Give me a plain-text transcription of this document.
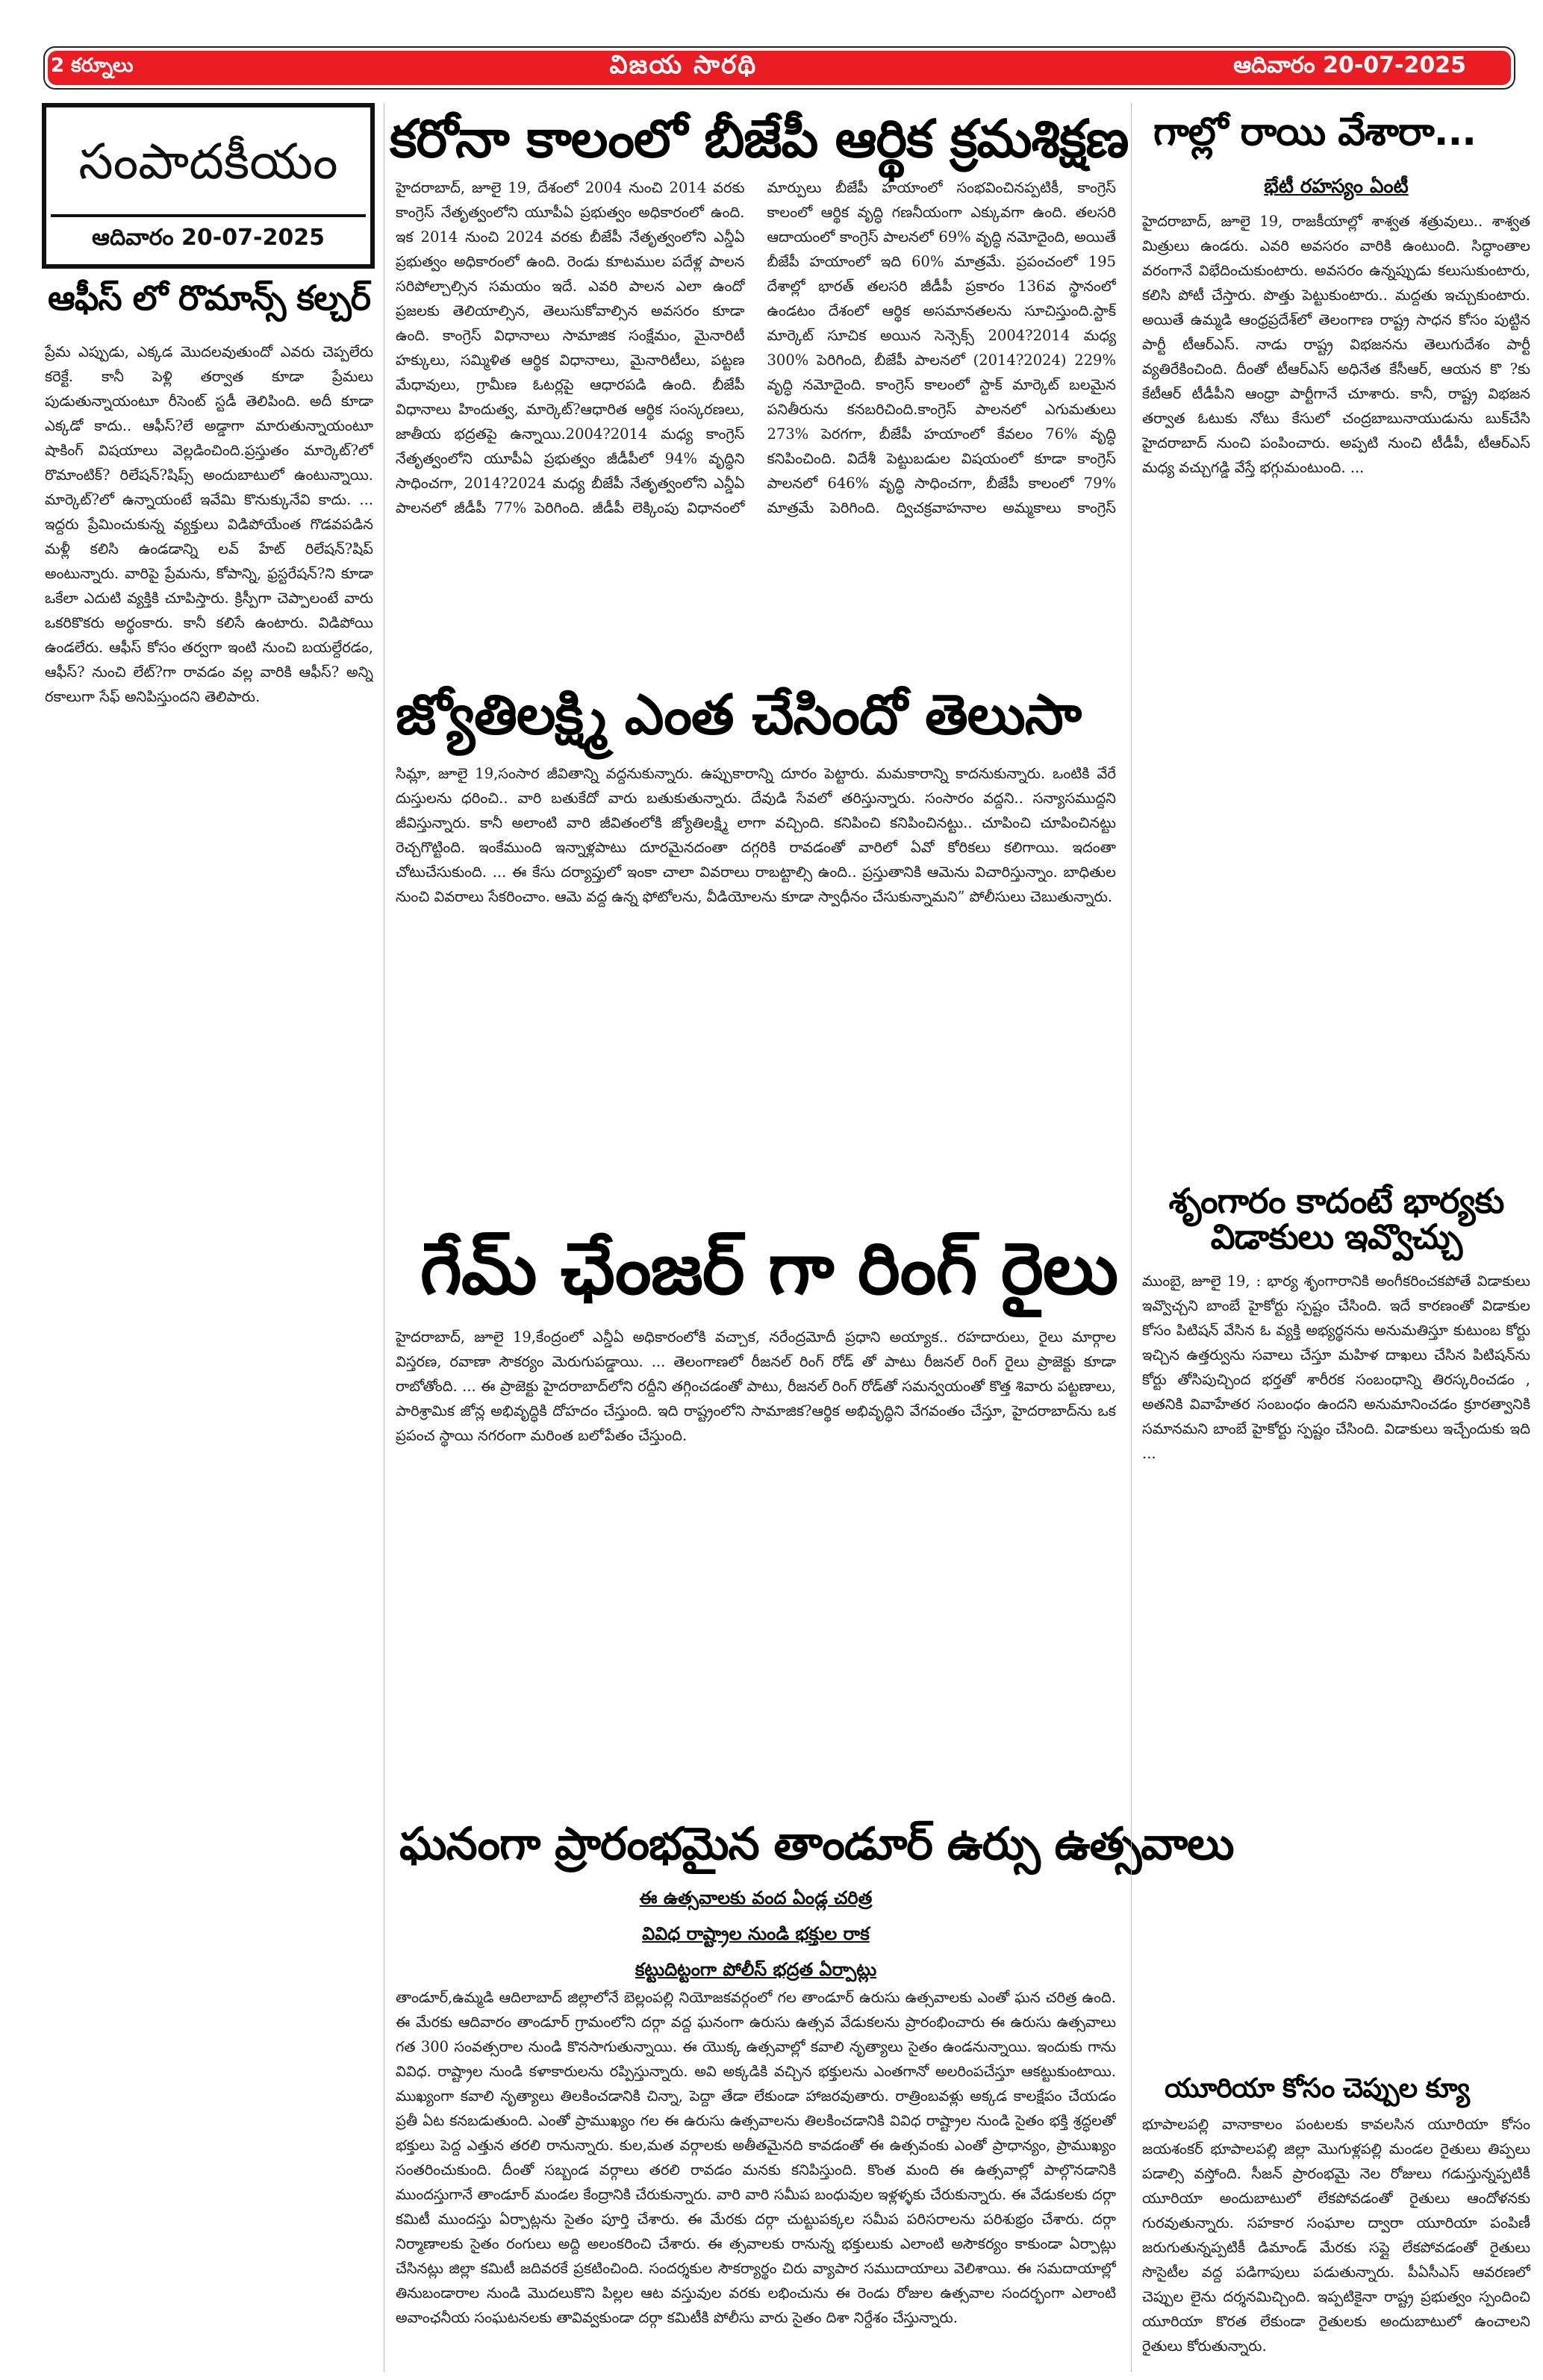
2 కర్నూలు	విజయ సారథి	ఆదివారం 20-07-2025
సంపాదకీయం
ఆదివారం 20-07-2025
ఆఫీస్ లో రొమాన్స్ కల్చర్
ప్రేమ ఎప్పుడు, ఎక్కడ మొదలవుతుందో ఎవరు చెప్పలేరు కరెక్టే. కానీ పెళ్లి తర్వాత కూడా ప్రేమలు పుడుతున్నాయంటూ రీసెంట్ స్టడీ తెలిపింది. అదీ కూడా ఎక్కడో కాదు.. ఆఫీస్?లే అడ్డాగా మారుతున్నాయంటూ షాకింగ్ విషయాలు వెల్లడించింది.ప్రస్తుతం మార్కెట్?లో రొమాంటిక్? రిలేషన్?షిప్స్ అందుబాటులో ఉంటున్నాయి. మార్కెట్?లో ఉన్నాయంటే ఇవేమి కొనుక్కునేవి కాదు. ... ఇద్దరు ప్రేమించుకున్న వ్యక్తులు విడిపోయేంత గొడవపడిన మళ్లీ కలిసి ఉండడాన్ని లవ్ హేట్ రిలేషన్?షిప్ అంటున్నారు. వారిపై ప్రేమను, కోపాన్ని, ఫ్రస్టరేషన్?ని కూడా ఒకేలా ఎదుటి వ్యక్తికి చూపిస్తారు. క్రిస్పీగా చెప్పాలంటే వారు ఒకరికొకరు అర్థంకారు. కానీ కలిసే ఉంటారు. విడిపోయి ఉండలేరు. ఆఫీస్ కోసం తర్వగా ఇంటి నుంచి బయల్దేరడం, ఆఫీస్? నుంచి లేట్?గా రావడం వల్ల వారికి ఆఫీస్? అన్ని రకాలుగా సేఫ్ అనిపిస్తుందని తెలిపారు.
కరోనా కాలంలో బీజేపీ ఆర్థిక క్రమశిక్షణ
హైదరాబాద్, జూలై 19, దేశంలో 2004 నుంచి 2014 వరకు కాంగ్రెస్ నేతృత్వంలోని యూపీఏ ప్రభుత్వం అధికారంలో ఉంది. ఇక 2014 నుంచి 2024 వరకు బీజేపీ నేతృత్వంలోని ఎన్డీఏ ప్రభుత్వం అధికారంలో ఉంది. రెండు కూటముల పదేళ్ల పాలన సరిపోల్చాల్సిన సమయం ఇదే. ఎవరి పాలన ఎలా ఉందో ప్రజలకు తెలియాల్సిన, తెలుసుకోవాల్సిన అవసరం కూడా ఉంది. కాంగ్రెస్ విధానాలు సామాజిక సంక్షేమం, మైనారిటీ హక్కులు, సమ్మిళిత ఆర్థిక విధానాలు, మైనారిటీలు, పట్టణ మేధావులు, గ్రామీణ ఓటర్లపై ఆధారపడి ఉంది. బీజేపీ విధానాలు హిందుత్వ, మార్కెట్?ఆధారిత ఆర్థిక సంస్కరణలు, జాతీయ భద్రతపై ఉన్నాయి.2004?2014 మధ్య కాంగ్రెస్ నేతృత్వంలోని యూపీఏ ప్రభుత్వం జీడీపీలో 94% వృద్ధిని సాధించగా, 2014?2024 మధ్య బీజేపీ నేతృత్వంలోని ఎన్డీఏ పాలనలో జీడీపీ 77% పెరిగింది. జీడీపీ లెక్కింపు విధానంలో మార్పులు బీజేపీ హయాంలో సంభవించినప్పటికీ, కాంగ్రెస్ కాలంలో ఆర్థిక వృద్ధి గణనీయంగా ఎక్కువగా ఉంది. తలసరి ఆదాయంలో కాంగ్రెస్ పాలనలో 69% వృద్ధి నమోదైంది, అయితే బీజేపీ హయాంలో ఇది 60% మాత్రమే. ప్రపంచంలో 195 దేశాల్లో భారత్ తలసరి జీడీపీ ప్రకారం 136వ స్థానంలో ఉండటం దేశంలో ఆర్థిక అసమానతలను సూచిస్తుంది.స్టాక్ మార్కెట్ సూచిక అయిన సెన్సెక్స్ 2004?2014 మధ్య 300% పెరిగింది, బీజేపీ పాలనలో (2014?2024) 229% వృద్ధి నమోదైంది. కాంగ్రెస్ కాలంలో స్టాక్ మార్కెట్ బలమైన పనితీరును కనబరిచింది.కాంగ్రెస్ పాలనలో ఎగుమతులు 273% పెరగగా, బీజేపీ హయాంలో కేవలం 76% వృద్ధి కనిపించింది. విదేశీ పెట్టుబడుల విషయంలో కూడా కాంగ్రెస్ పాలనలో 646% వృద్ధి సాధించగా, బీజేపీ కాలంలో 79% మాత్రమే పెరిగింది. ద్విచక్రవాహనాల అమ్మకాలు కాంగ్రెస్
జ్యోతిలక్ష్మి ఎంత చేసిందో తెలుసా
సిమ్లా, జూలై 19,సంసార జీవితాన్ని వద్దనుకున్నారు. ఉప్పుకారాన్ని దూరం పెట్టారు. మమకారాన్ని కాదనుకున్నారు. ఒంటికి వేరే దుస్తులను ధరించి.. వారి బతుకేదో వారు బతుకుతున్నారు. దేవుడి సేవలో తరిస్తున్నారు. సంసారం వద్దని.. సన్యాసముద్దని జీవిస్తున్నారు. కానీ అలాంటి వారి జీవితంలోకి జ్యోతిలక్ష్మి లాగా వచ్చింది. కనిపించి కనిపించినట్టు.. చూపించి చూపించినట్టు రెచ్చగొట్టింది. ఇంకేముంది ఇన్నాళ్లపాటు దూరమైనదంతా దగ్గరికి రావడంతో వారిలో ఏవో కోరికలు కలిగాయి. ఇదంతా చోటుచేసుకుంది. ... ఈ కేసు దర్యాప్తులో ఇంకా చాలా వివరాలు రాబట్టాల్సి ఉంది.. ప్రస్తుతానికి ఆమెను విచారిస్తున్నాం. బాధితుల నుంచి వివరాలు సేకరించాం. ఆమె వద్ద ఉన్న ఫోటోలను, వీడియోలను కూడా స్వాధీనం చేసుకున్నామని” పోలీసులు చెబుతున్నారు.
గేమ్ ఛేంజర్ గా రింగ్ రైలు
హైదరాబాద్, జూలై 19,కేంద్రంలో ఎన్డీఏ అధికారంలోకి వచ్చాక, నరేంద్రమోదీ ప్రధాని అయ్యాక.. రహదారులు, రైలు మార్గాల విస్తరణ, రవాణా సౌకర్యం మెరుగుపడ్డాయి. ... తెలంగాణలో రీజనల్ రింగ్ రోడ్ తో పాటు రీజనల్ రింగ్ రైలు ప్రాజెక్టు కూడా రాబోతోంది. ... ఈ ప్రాజెక్టు హైదరాబాద్‌లోని రద్దీని తగ్గించడంతో పాటు, రీజనల్ రింగ్ రోడ్‌తో సమన్వయంతో కొత్త శివారు పట్టణాలు, పారిశ్రామిక జోన్ల అభివృద్ధికి దోహదం చేస్తుంది. ఇది రాష్ట్రంలోని సామాజిక?ఆర్థిక అభివృద్ధిని వేగవంతం చేస్తూ, హైదరాబాద్‌ను ఒక ప్రపంచ స్థాయి నగరంగా మరింత బలోపేతం చేస్తుంది.
ఘనంగా ప్రారంభమైన తాండూర్ ఉర్సు ఉత్సవాలు
ఈ ఉత్సవాలకు వంద ఏండ్ల చరిత్ర
వివిధ రాష్ట్రాల నుండి భక్తుల రాక
కట్టుదిట్టంగా పోలీస్ భద్రత ఏర్పాట్లు
తాండూర్,ఉమ్మడి ఆదిలాబాద్ జిల్లాలోనే బెల్లంపల్లి నియోజకవర్గంలో గల తాండూర్ ఉరుసు ఉత్సవాలకు ఎంతో ఘన చరిత్ర ఉంది. ఈ మేరకు ఆదివారం తాండూర్ గ్రామంలోని దర్గా వద్ద ఘనంగా ఉరుసు ఉత్సవ వేడుకలను ప్రారంభించారు ఈ ఉరుసు ఉత్సవాలు గత 300 సంవత్సరాల నుండి కొనసాగుతున్నాయి. ఈ యొక్క ఉత్సవాల్లో కవాలి నృత్యాలు సైతం ఉండనున్నాయి. ఇందుకు గాను వివిధ. రాష్ట్రాల నుండి కళాకారులను రప్పిస్తున్నారు. అవి అక్కడికి వచ్చిన భక్తులను ఎంతగానో అలరింపచేస్తూ ఆకట్టుకుంటాయి. ముఖ్యంగా కవాలి నృత్యాలు తిలకించడానికి చిన్నా, పెద్దా తేడా లేకుండా హాజరవుతారు. రాత్రింబవళ్లు అక్కడ కాలక్షేపం చేయడం ప్రతీ ఏట కనబడుతుంది. ఎంతో ప్రాముఖ్యం గల ఈ ఉరుసు ఉత్సవాలను తిలకించడానికి వివిధ రాష్ట్రాల నుండి సైతం భక్తి శ్రద్ధలతో భక్తులు పెద్ద ఎత్తున తరలి రానున్నారు. కుల,మత వర్గాలకు అతీతమైనది కావడంతో ఈ ఉత్సవంకు ఎంతో ప్రాధాన్యం, ప్రాముఖ్యం సంతరించుకుంది. దీంతో సబ్బండ వర్గాలు తరలి రావడం మనకు కనిపిస్తుంది. కొంత మంది ఈ ఉత్సవాల్లో పాల్గొనడానికి ముందస్తుగానే తాండూర్ మండల కేంద్రానికి చేరుకున్నారు. వారి వారి సమీప బంధువుల ఇళ్లళ్ళకు చేరుకున్నారు. ఈ వేడుకలకు దర్గా కమిటీ ముందస్తు ఏర్పాట్లను సైతం పూర్తి చేశారు. ఈ మేరకు దర్గా చుట్టుపక్కల సమీప పరిసరాలను పరిశుభ్రం చేశారు. దర్గా నిర్మాణాలకు సైతం రంగులు అద్ది అలంకరించి చేశారు. ఈ త్సవాలకు రానున్న భక్తులుకు ఎలాంటి అసౌకర్యం కాకుండా ఏర్పాట్లు చేసినట్లు జిల్లా కమిటీ జదివరకే ప్రకటించింది. సందర్శకుల సౌకర్యార్థం చిరు వ్యాపార సముదాయాలు వెలిశాయి. ఈ సమదాయాల్లో తినుబండారాల నుండి మొదలుకొని పిల్లల ఆట వస్తువుల వరకు లభించును ఈ రెండు రోజుల ఉత్సవాల సందర్భంగా ఎలాంటి అవాంఛనీయ సంఘటనలకు తావివ్వకుండా దర్గా కమిటీకి పోలీసు వారు సైతం దిశా నిర్దేశం చేస్తున్నారు.
గాల్లో రాయి వేశారా...
భేటీ రహస్యం ఏంటీ
హైదరాబాద్, జూలై 19, రాజకీయాల్లో శాశ్వత శత్రువులు.. శాశ్వత మిత్రులు ఉండరు. ఎవరి అవసరం వారికి ఉంటుంది. సిద్ధాంతాల వరంగానే విభేదించుకుంటారు. అవసరం ఉన్నప్పుడు కలుసుకుంటారు, కలిసి పోటీ చేస్తారు. పొత్తు పెట్టుకుంటారు.. మద్దతు ఇచ్చుకుంటారు. అయితే ఉమ్మడి ఆంధ్రప్రదేశ్‌లో తెలంగాణ రాష్ట్ర సాధన కోసం పుట్టిన పార్టీ టీఆర్ఎస్. నాడు రాష్ట్ర విభజనను తెలుగుదేశం పార్టీ వ్యతిరేకించింది. దీంతో టీఆర్ఎస్ అధినేత కేసీఆర్, ఆయన కొ ?కు కేటీఆర్ టీడీపీని ఆంధ్రా పార్టీగానే చూశారు. కానీ, రాష్ట్ర విభజన తర్వాత ఓటుకు నోటు కేసులో చంద్రబాబునాయుడును బుక్‌చేసి హైదరాబాద్ నుంచి పంపించారు. అప్పటి నుంచి టీడీపీ, టీఆర్ఎస్ మధ్య వచ్చుగడ్డి వేస్తే భగ్గుమంటుంది. ...
శృంగారం కాదంటే భార్యకు విడాకులు ఇవ్వొచ్చు
ముంబై, జూలై 19, : భార్య శృంగారానికి అంగీకరించకపోతే విడాకులు ఇవ్వొచ్చని బాంబే హైకోర్టు స్పష్టం చేసింది. ఇదే కారణంతో విడాకుల కోసం పిటిషన్ వేసిన ఓ వ్యక్తి అభ్యర్థనను అనుమతిస్తూ కుటుంబ కోర్టు ఇచ్చిన ఉత్తర్వును సవాలు చేస్తూ మహిళ దాఖలు చేసిన పిటిషన్‌ను కోర్టు తోసిపుచ్చింద భర్తతో శారీరక సంబంధాన్ని తిరస్కరించడం , అతనికి వివాహేతర సంబంధం ఉందని అనుమానించడం క్రూరత్వానికి సమానమని బాంబే హైకోర్టు స్పష్టం చేసింది. విడాకులు ఇచ్చేందుకు ఇది ...
యూరియా కోసం చెప్పుల క్యూ
భూపాలపల్లి వానాకాలం పంటలకు కావలసిన యూరియా కోసం జయశంకర్ భూపాలపల్లి జిల్లా మొగుళ్లపల్లి మండల రైతులు తిప్పలు పడాల్సి వస్తోంది. సీజన్ ప్రారంభమై నెల రోజులు గడుస్తున్నప్పటికీ యూరియా అందుబాటులో లేకపోవడంతో రైతులు ఆందోళనకు గురవుతున్నారు. సహకార సంఘాల ద్వారా యూరియా పంపిణీ జరుగుతున్నప్పటికీ డిమాండ్ మేరకు సప్లై లేకపోవడంతో రైతులు సొసైటీల వద్ద పడిగాపులు పడుతున్నారు. పీఏసీఎస్ ఆవరణలో చెప్పుల లైను దర్శనమిచ్చింది. ఇప్పటికైనా రాష్ట్ర ప్రభుత్వం స్పందించి యూరియా కొరత లేకుండా రైతులకు అందుబాటులో ఉంచాలని రైతులు కోరుతున్నారు.
